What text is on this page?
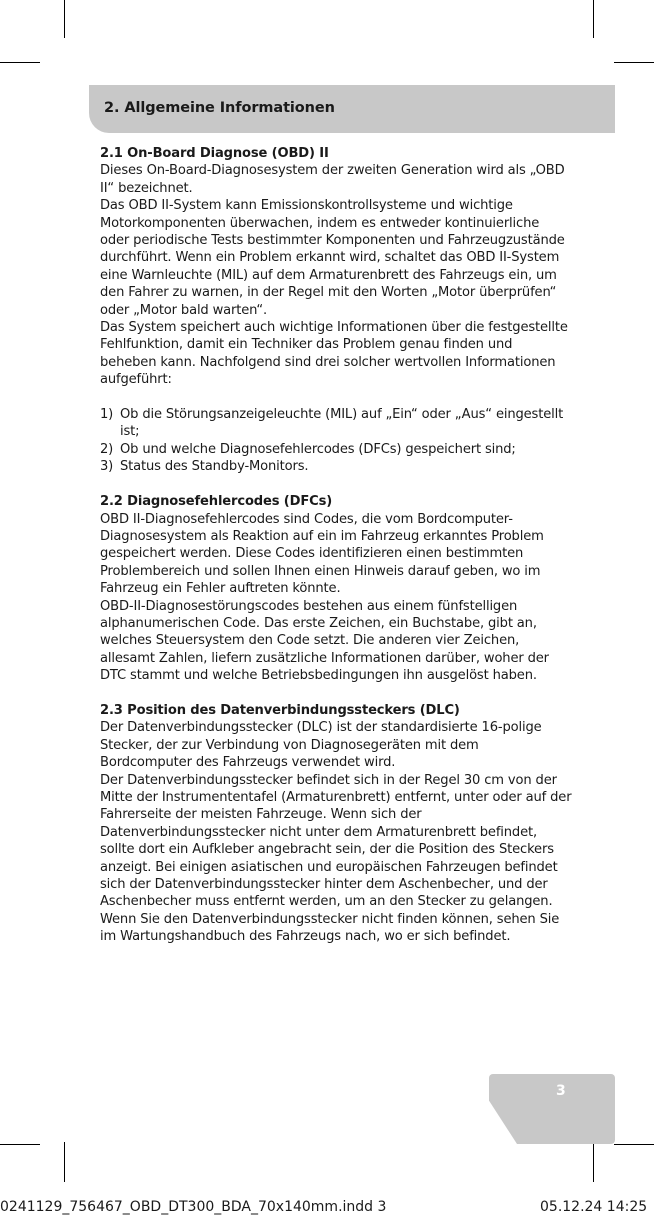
2. Allgemeine Informationen

2.1 On-Board Diagnose (OBD) II

Dieses On-Board-Diagnosesystem der zweiten Generation wird als „OBD II“ bezeichnet.

Das OBD II-System kann Emissionskontrollsysteme und wichtige Motorkomponenten überwachen, indem es entweder kontinuierliche oder periodische Tests bestimmter Komponenten und Fahrzeugzustände durchführt. Wenn ein Problem erkannt wird, schaltet das OBD II-System eine Warnleuchte (MIL) auf dem Armaturenbrett des Fahrzeugs ein, um den Fahrer zu warnen, in der Regel mit den Worten „Motor überprüfen“ oder „Motor bald warten“.

Das System speichert auch wichtige Informationen über die festgestellte Fehlfunktion, damit ein Techniker das Problem genau finden und beheben kann. Nachfolgend sind drei solcher wertvollen Informationen aufgeführt:

1) Ob die Störungsanzeigeleuchte (MIL) auf „Ein“ oder „Aus“ eingestellt ist;
2) Ob und welche Diagnosefehlercodes (DFCs) gespeichert sind;
3) Status des Standby-Monitors.

2.2 Diagnosefehlercodes (DFCs)

OBD II-Diagnosefehlercodes sind Codes, die vom Bordcomputer-Diagnosesystem als Reaktion auf ein im Fahrzeug erkanntes Problem gespeichert werden. Diese Codes identifizieren einen bestimmten Problembereich und sollen Ihnen einen Hinweis darauf geben, wo im Fahrzeug ein Fehler auftreten könnte.

OBD-II-Diagnosestörungscodes bestehen aus einem fünfstelligen alphanumerischen Code. Das erste Zeichen, ein Buchstabe, gibt an, welches Steuersystem den Code setzt. Die anderen vier Zeichen, allesamt Zahlen, liefern zusätzliche Informationen darüber, woher der DTC stammt und welche Betriebsbedingungen ihn ausgelöst haben.

2.3 Position des Datenverbindungssteckers (DLC)

Der Datenverbindungsstecker (DLC) ist der standardisierte 16-polige Stecker, der zur Verbindung von Diagnosegeräten mit dem Bordcomputer des Fahrzeugs verwendet wird.

Der Datenverbindungsstecker befindet sich in der Regel 30 cm von der Mitte der Instrumententafel (Armaturenbrett) entfernt, unter oder auf der Fahrerseite der meisten Fahrzeuge. Wenn sich der Datenverbindungsstecker nicht unter dem Armaturenbrett befindet, sollte dort ein Aufkleber angebracht sein, der die Position des Steckers anzeigt. Bei einigen asiatischen und europäischen Fahrzeugen befindet sich der Datenverbindungsstecker hinter dem Aschenbecher, und der Aschenbecher muss entfernt werden, um an den Stecker zu gelangen. Wenn Sie den Datenverbindungsstecker nicht finden können, sehen Sie im Wartungshandbuch des Fahrzeugs nach, wo er sich befindet.

3
0241129_756467_OBD_DT300_BDA_70x140mm.indd 3	05.12.24 14:25
